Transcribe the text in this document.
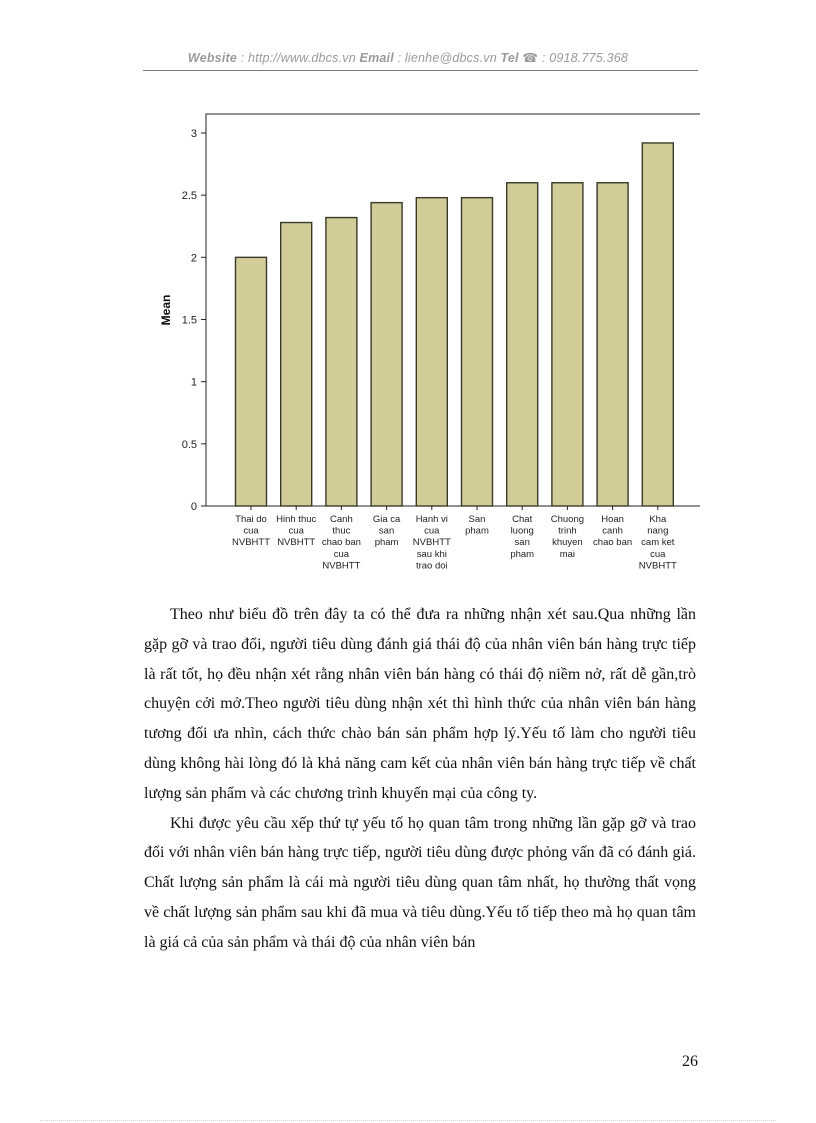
Website : http://www.dbcs.vn Email : lienhe@dbcs.vn Tel ☎ : 0918.775.368
0
0.5
1
1.5
2
2.5
3
Mean
Thai do
cua
NVBHTT
Hinh thuc
cua
NVBHTT
Canh
thuc
chao ban
cua
NVBHTT
Gia ca
san
pham
Hanh vi
cua
NVBHTT
sau khi
trao doi
San
pham
Chat
luong
san
pham
Chuong
trinh
khuyen
mai
Hoan
canh
chao ban
Kha
nang
cam ket
cua
NVBHTT

Theo như biểu đồ trên đây ta có thể đưa ra những nhận xét sau.Qua những lần gặp gỡ và trao đổi, người tiêu dùng đánh giá thái độ của nhân viên bán hàng trực tiếp là rất tốt, họ đều nhận xét rằng nhân viên bán hàng có thái độ niềm nở, rất dễ gần,trò chuyện cởi mở.Theo người tiêu dùng nhận xét thì hình thức của nhân viên bán hàng tương đối ưa nhìn, cách thức chào bán sản phẩm hợp lý.Yếu tố làm cho người tiêu dùng không hài lòng đó là khả năng cam kết của nhân viên bán hàng trực tiếp về chất lượng sản phẩm và các chương trình khuyến mại của công ty.

Khi được yêu cầu xếp thứ tự yếu tố họ quan tâm trong những lần gặp gỡ và trao đổi với nhân viên bán hàng trực tiếp, người tiêu dùng được phỏng vấn đã có đánh giá. Chất lượng sản phẩm là cái mà người tiêu dùng quan tâm nhất, họ thường thất vọng về chất lượng sản phẩm sau khi đã mua và tiêu dùng.Yếu tố tiếp theo mà họ quan tâm là giá cả của sản phẩm và thái độ của nhân viên bán

26
